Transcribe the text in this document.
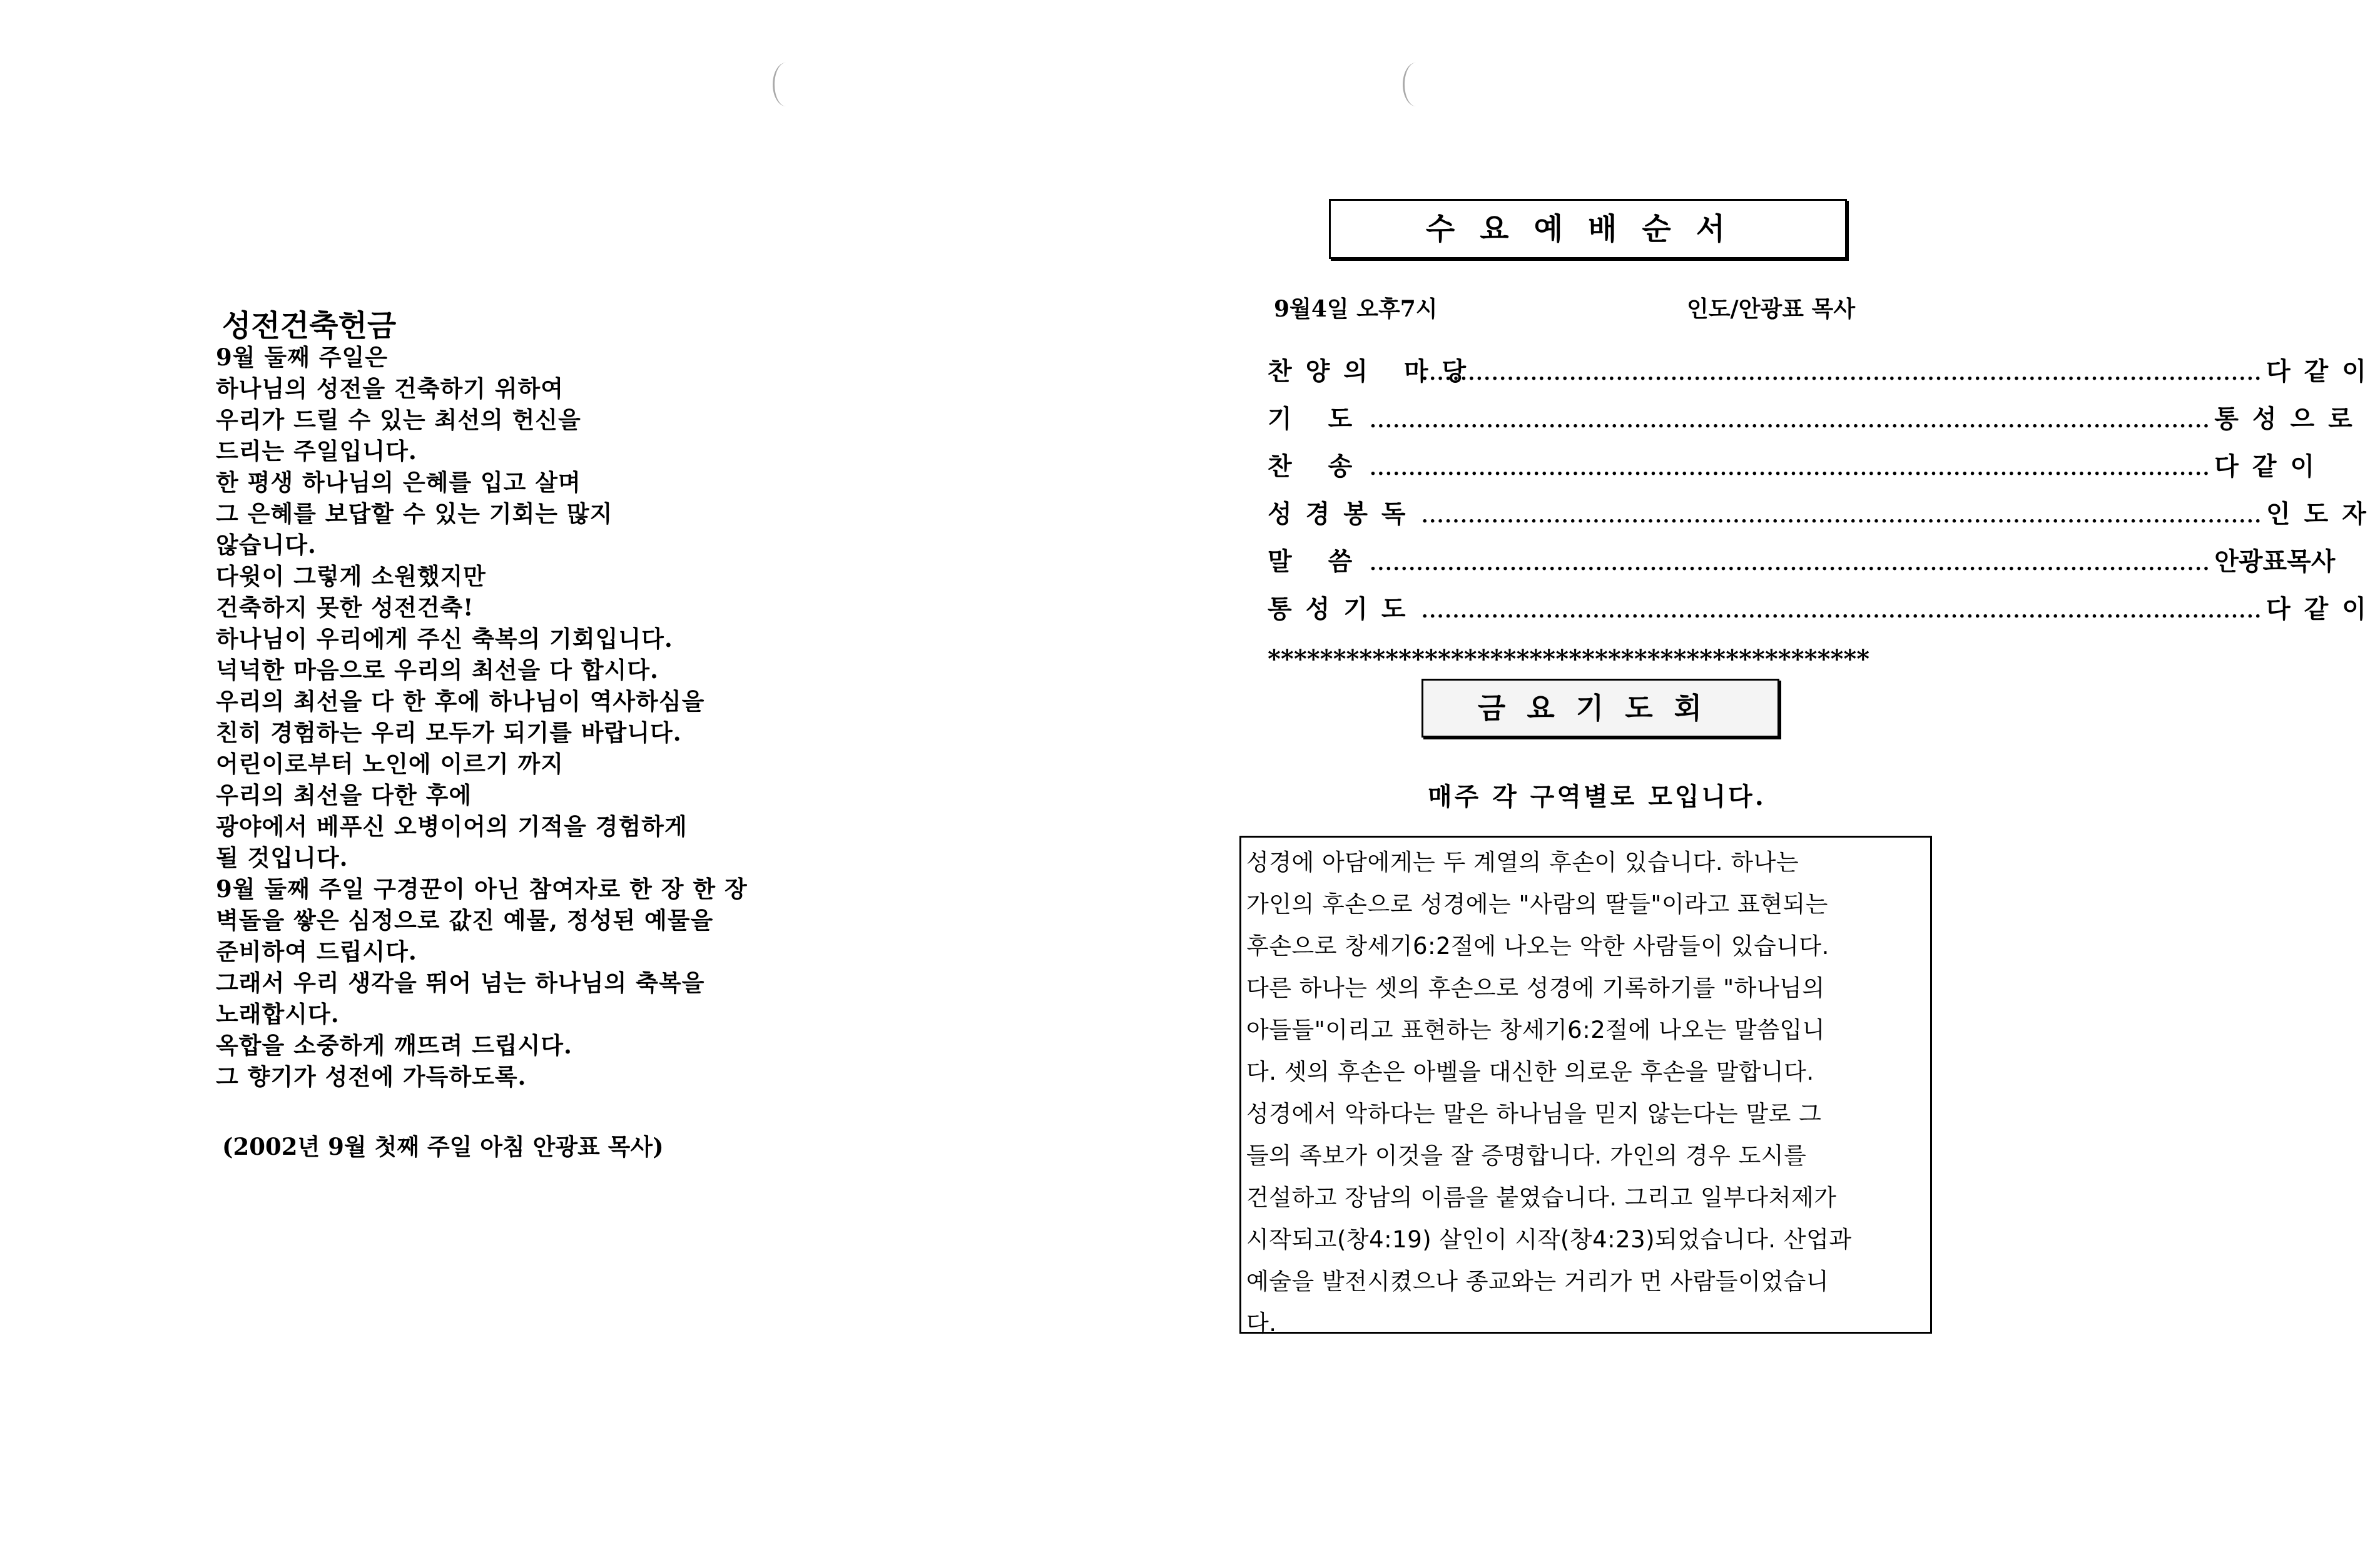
성전건축헌금
9월 둘째 주일은
하나님의 성전을 건축하기 위하여
우리가 드릴 수 있는 최선의 헌신을
드리는 주일입니다.
한 평생 하나님의 은혜를 입고 살며
그 은혜를 보답할 수 있는 기회는 많지
않습니다.
다윗이 그렇게 소원했지만
건축하지 못한 성전건축!
하나님이 우리에게 주신 축복의 기회입니다.
넉넉한 마음으로 우리의 최선을 다 합시다.
우리의 최선을 다 한 후에 하나님이 역사하심을
친히 경험하는 우리 모두가 되기를 바랍니다.
어린이로부터 노인에 이르기 까지
우리의 최선을 다한 후에
광야에서 베푸신 오병이어의 기적을 경험하게
될 것입니다.
9월 둘째 주일 구경꾼이 아닌 참여자로 한 장 한 장
벽돌을 쌓은 심정으로 값진 예물, 정성된 예물을
준비하여 드립시다.
그래서 우리 생각을 뛰어 넘는 하나님의 축복을
노래합시다.
옥합을 소중하게 깨뜨려 드립시다.
그 향기가 성전에 가득하도록.
(2002년 9월 첫째 주일 아침 안광표 목사)
수요예배순서
9월4일 오후7시	인도/안광표 목사
찬양의 마당
............................................................................................................ 다같이
기 도 ............................................................................................................ 통성으로
찬 송 ............................................................................................................ 다같이
성경봉독 ............................................................................................................ 인도자
말 씀 ............................................................................................................ 안광표목사
통성기도 ............................................................................................................ 다같이
**********************************************
금요기도회
매주 각 구역별로 모입니다.
성경에 아담에게는 두 계열의 후손이 있습니다. 하나는
가인의 후손으로 성경에는 "사람의 딸들"이라고 표현되는
후손으로 창세기6:2절에 나오는 악한 사람들이 있습니다.
다른 하나는 셋의 후손으로 성경에 기록하기를 "하나님의
아들들"이리고 표현하는 창세기6:2절에 나오는 말씀입니
다. 셋의 후손은 아벨을 대신한 의로운 후손을 말합니다.
성경에서 악하다는 말은 하나님을 믿지 않는다는 말로 그
들의 족보가 이것을 잘 증명합니다. 가인의 경우 도시를
건설하고 장남의 이름을 붙였습니다. 그리고 일부다처제가
시작되고(창4:19) 살인이 시작(창4:23)되었습니다. 산업과
예술을 발전시켰으나 종교와는 거리가 먼 사람들이었습니
다.
